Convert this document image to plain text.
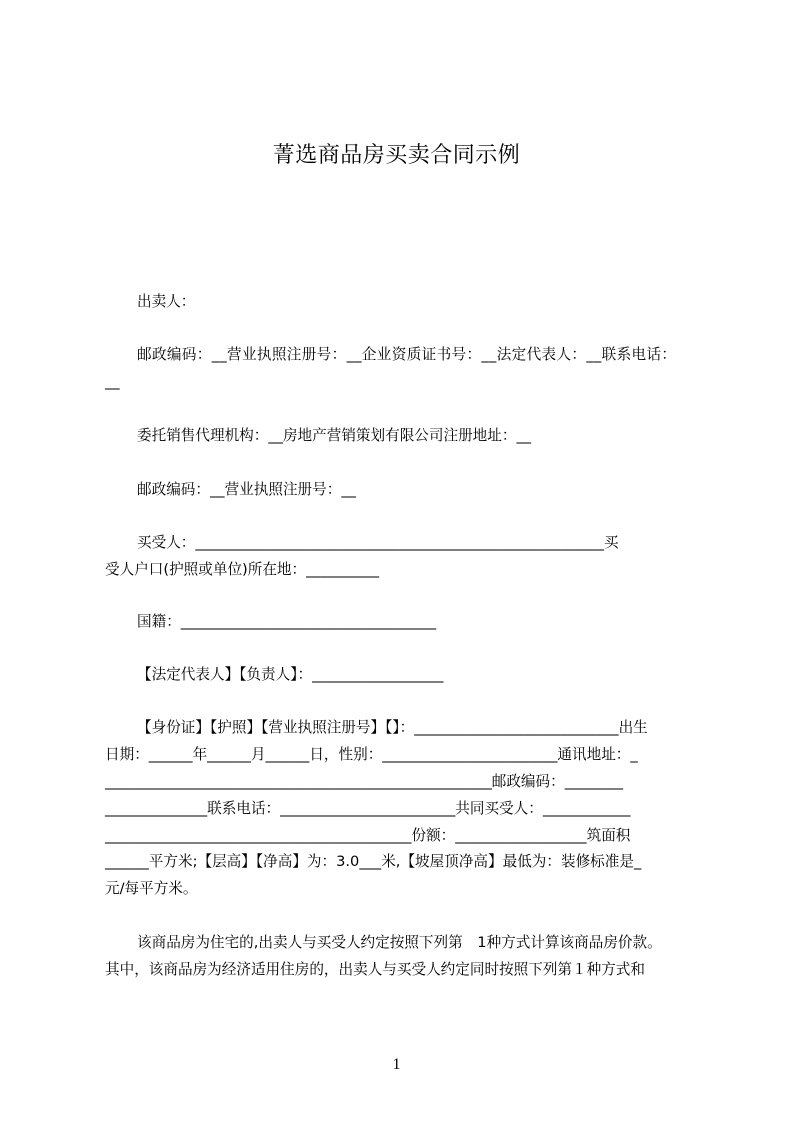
菁选商品房买卖合同示例
出卖人：
邮政编码：__营业执照注册号：__企业资质证书号：__法定代表人：__联系电话：
__
委托销售代理机构：__房地产营销策划有限公司注册地址：__
邮政编码：__营业执照注册号：__
买受人：________________________________________________________买
受人户口(护照或单位)所在地：__________
国籍：___________________________________
【法定代表人】【负责人】：__________________
【身份证】【护照】【营业执照注册号】【】：____________________________出生
日期：______年______月______日，性别：________________________通讯地址：_
_____________________________________________________邮政编码：________
______________联系电话：________________________共同买受人：____________
__________________________________________份额：__________________筑面积
______平方米;【层高】【净高】为：3.0___米,【坡屋顶净高】最低为：装修标准是_
元/每平方米。
该商品房为住宅的,出卖人与买受人约定按照下列第　1种方式计算该商品房价款。
其中，该商品房为经济适用住房的，出卖人与买受人约定同时按照下列第１种方式和
1
